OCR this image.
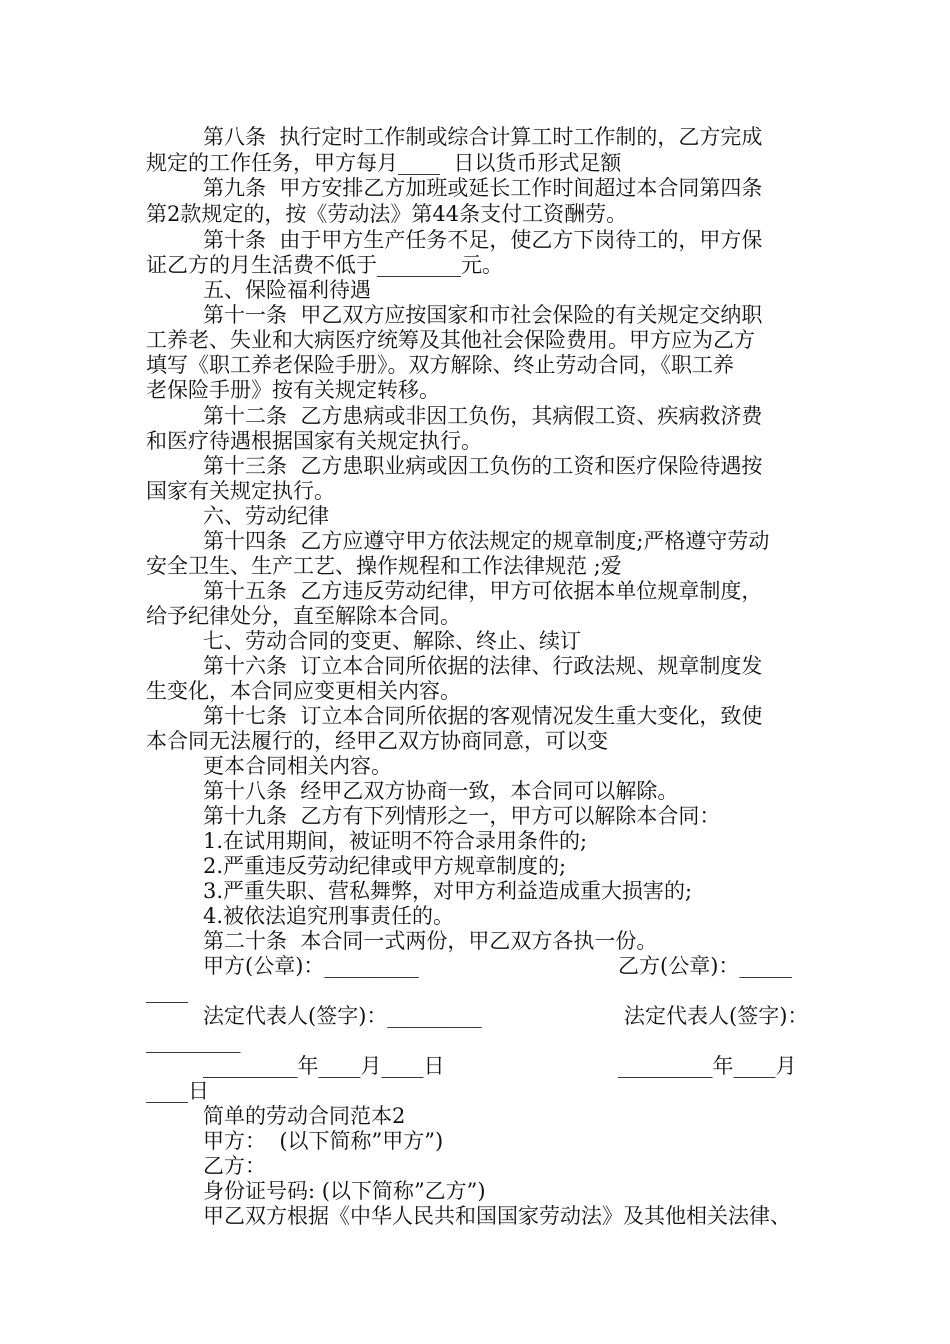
第八条  执行定时工作制或综合计算工时工作制的，乙方完成

规定的工作任务，甲方每月____  日以货币形式足额

第九条  甲方安排乙方加班或延长工作时间超过本合同第四条

第2款规定的，按《劳动法》第44条支付工资酬劳。

第十条  由于甲方生产任务不足，使乙方下岗待工的，甲方保

证乙方的月生活费不低于________元。

五、保险福利待遇

第十一条  甲乙双方应按国家和市社会保险的有关规定交纳职

工养老、失业和大病医疗统筹及其他社会保险费用。甲方应为乙方

填写《职工养老保险手册》。双方解除、终止劳动合同，《职工养

老保险手册》按有关规定转移。

第十二条  乙方患病或非因工负伤，其病假工资、疾病救济费

和医疗待遇根据国家有关规定执行。

第十三条  乙方患职业病或因工负伤的工资和医疗保险待遇按

国家有关规定执行。

六、劳动纪律

第十四条  乙方应遵守甲方依法规定的规章制度;严格遵守劳动

安全卫生、生产工艺、操作规程和工作法律规范 ;爱

第十五条  乙方违反劳动纪律，甲方可依据本单位规章制度，

给予纪律处分，直至解除本合同。

七、劳动合同的变更、解除、终止、续订

第十六条  订立本合同所依据的法律、行政法规、规章制度发

生变化，本合同应变更相关内容。

第十七条  订立本合同所依据的客观情况发生重大变化，致使

本合同无法履行的，经甲乙双方协商同意，可以变

更本合同相关内容。

第十八条  经甲乙双方协商一致，本合同可以解除。

第十九条  乙方有下列情形之一，甲方可以解除本合同：

1.在试用期间，被证明不符合录用条件的;

2.严重违反劳动纪律或甲方规章制度的;

3.严重失职、营私舞弊，对甲方利益造成重大损害的;

4.被依法追究刑事责任的。

第二十条  本合同一式两份，甲乙双方各执一份。

甲方(公章)：_________	乙方(公章)：_____

____

法定代表人(签字)：_________	法定代表人(签字)：

_________

_________年____月____日	_________年____月

____日

简单的劳动合同范本2

甲方：  (以下简称”甲方”)

乙方：

身份证号码: (以下简称”乙方”)

甲乙双方根据《中华人民共和国国家劳动法》及其他相关法律、
